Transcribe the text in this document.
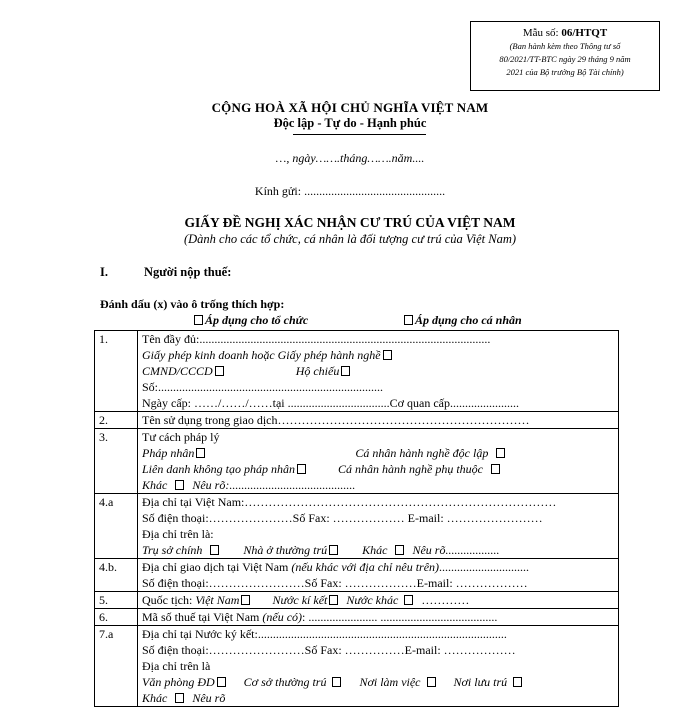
Mẫu số: 06/HTQT
(Ban hành kèm theo Thông tư số
80/2021/TT-BTC ngày 29 tháng 9 năm
2021 của Bộ trưởng Bộ Tài chính)
CỘNG HOÀ XÃ HỘI CHỦ NGHĨA VIỆT NAM
Độc lập - Tự do - Hạnh phúc
…, ngày…….tháng…….năm....
Kính gửi: ...............................................
GIẤY ĐỀ NGHỊ XÁC NHẬN CƯ TRÚ CỦA VIỆT NAM
(Dành cho các tổ chức, cá nhân là đối tượng cư trú của Việt Nam)
I.	Người nộp thuế:
Đánh dấu (x) vào ô trống thích hợp:
Áp dụng cho tổ chức	Áp dụng cho cá nhân
1.	Tên đầy đủ:.................................................................................................
Giấy phép kinh doanh hoặc Giấy phép hành nghề
CMND/CCCD Hộ chiếu
Số:...........................................................................
Ngày cấp: ……/……/……tại ..................................Cơ quan cấp.......................

2.	Tên sử dụng trong giao dịch………………………………………………………

3.	Tư cách pháp lý
Pháp nhân Cá nhân hành nghề độc lập
Liên danh không tạo pháp nhân Cá nhân hành nghề phụ thuộc
Khác Nêu rõ:..........................................

4.a	Địa chỉ tại Việt Nam:……………………………………………………………………
Số điện thoại:…………………Số Fax: ……………… E-mail: ……………………
Địa chỉ trên là:
Trụ sở chính Nhà ở thường trú Khác Nêu rõ..................

4.b.	Địa chỉ giao dịch tại Việt Nam (nếu khác với địa chỉ nêu trên)..............................
Số điện thoại:……………………Số Fax: ………………E-mail: ………………

5.	Quốc tịch: Việt Nam Nước kí kết Nước khác …………

6.	Mã số thuế tại Việt Nam (nếu có): ....................... .......................................

7.a	Địa chỉ tại Nước ký kết:...................................................................................
Số điện thoại:……………………Số Fax: ……………E-mail: ………………
Địa chỉ trên là
Văn phòng ĐD Cơ sở thường trú Nơi làm việc Nơi lưu trú
Khác Nêu rõ
